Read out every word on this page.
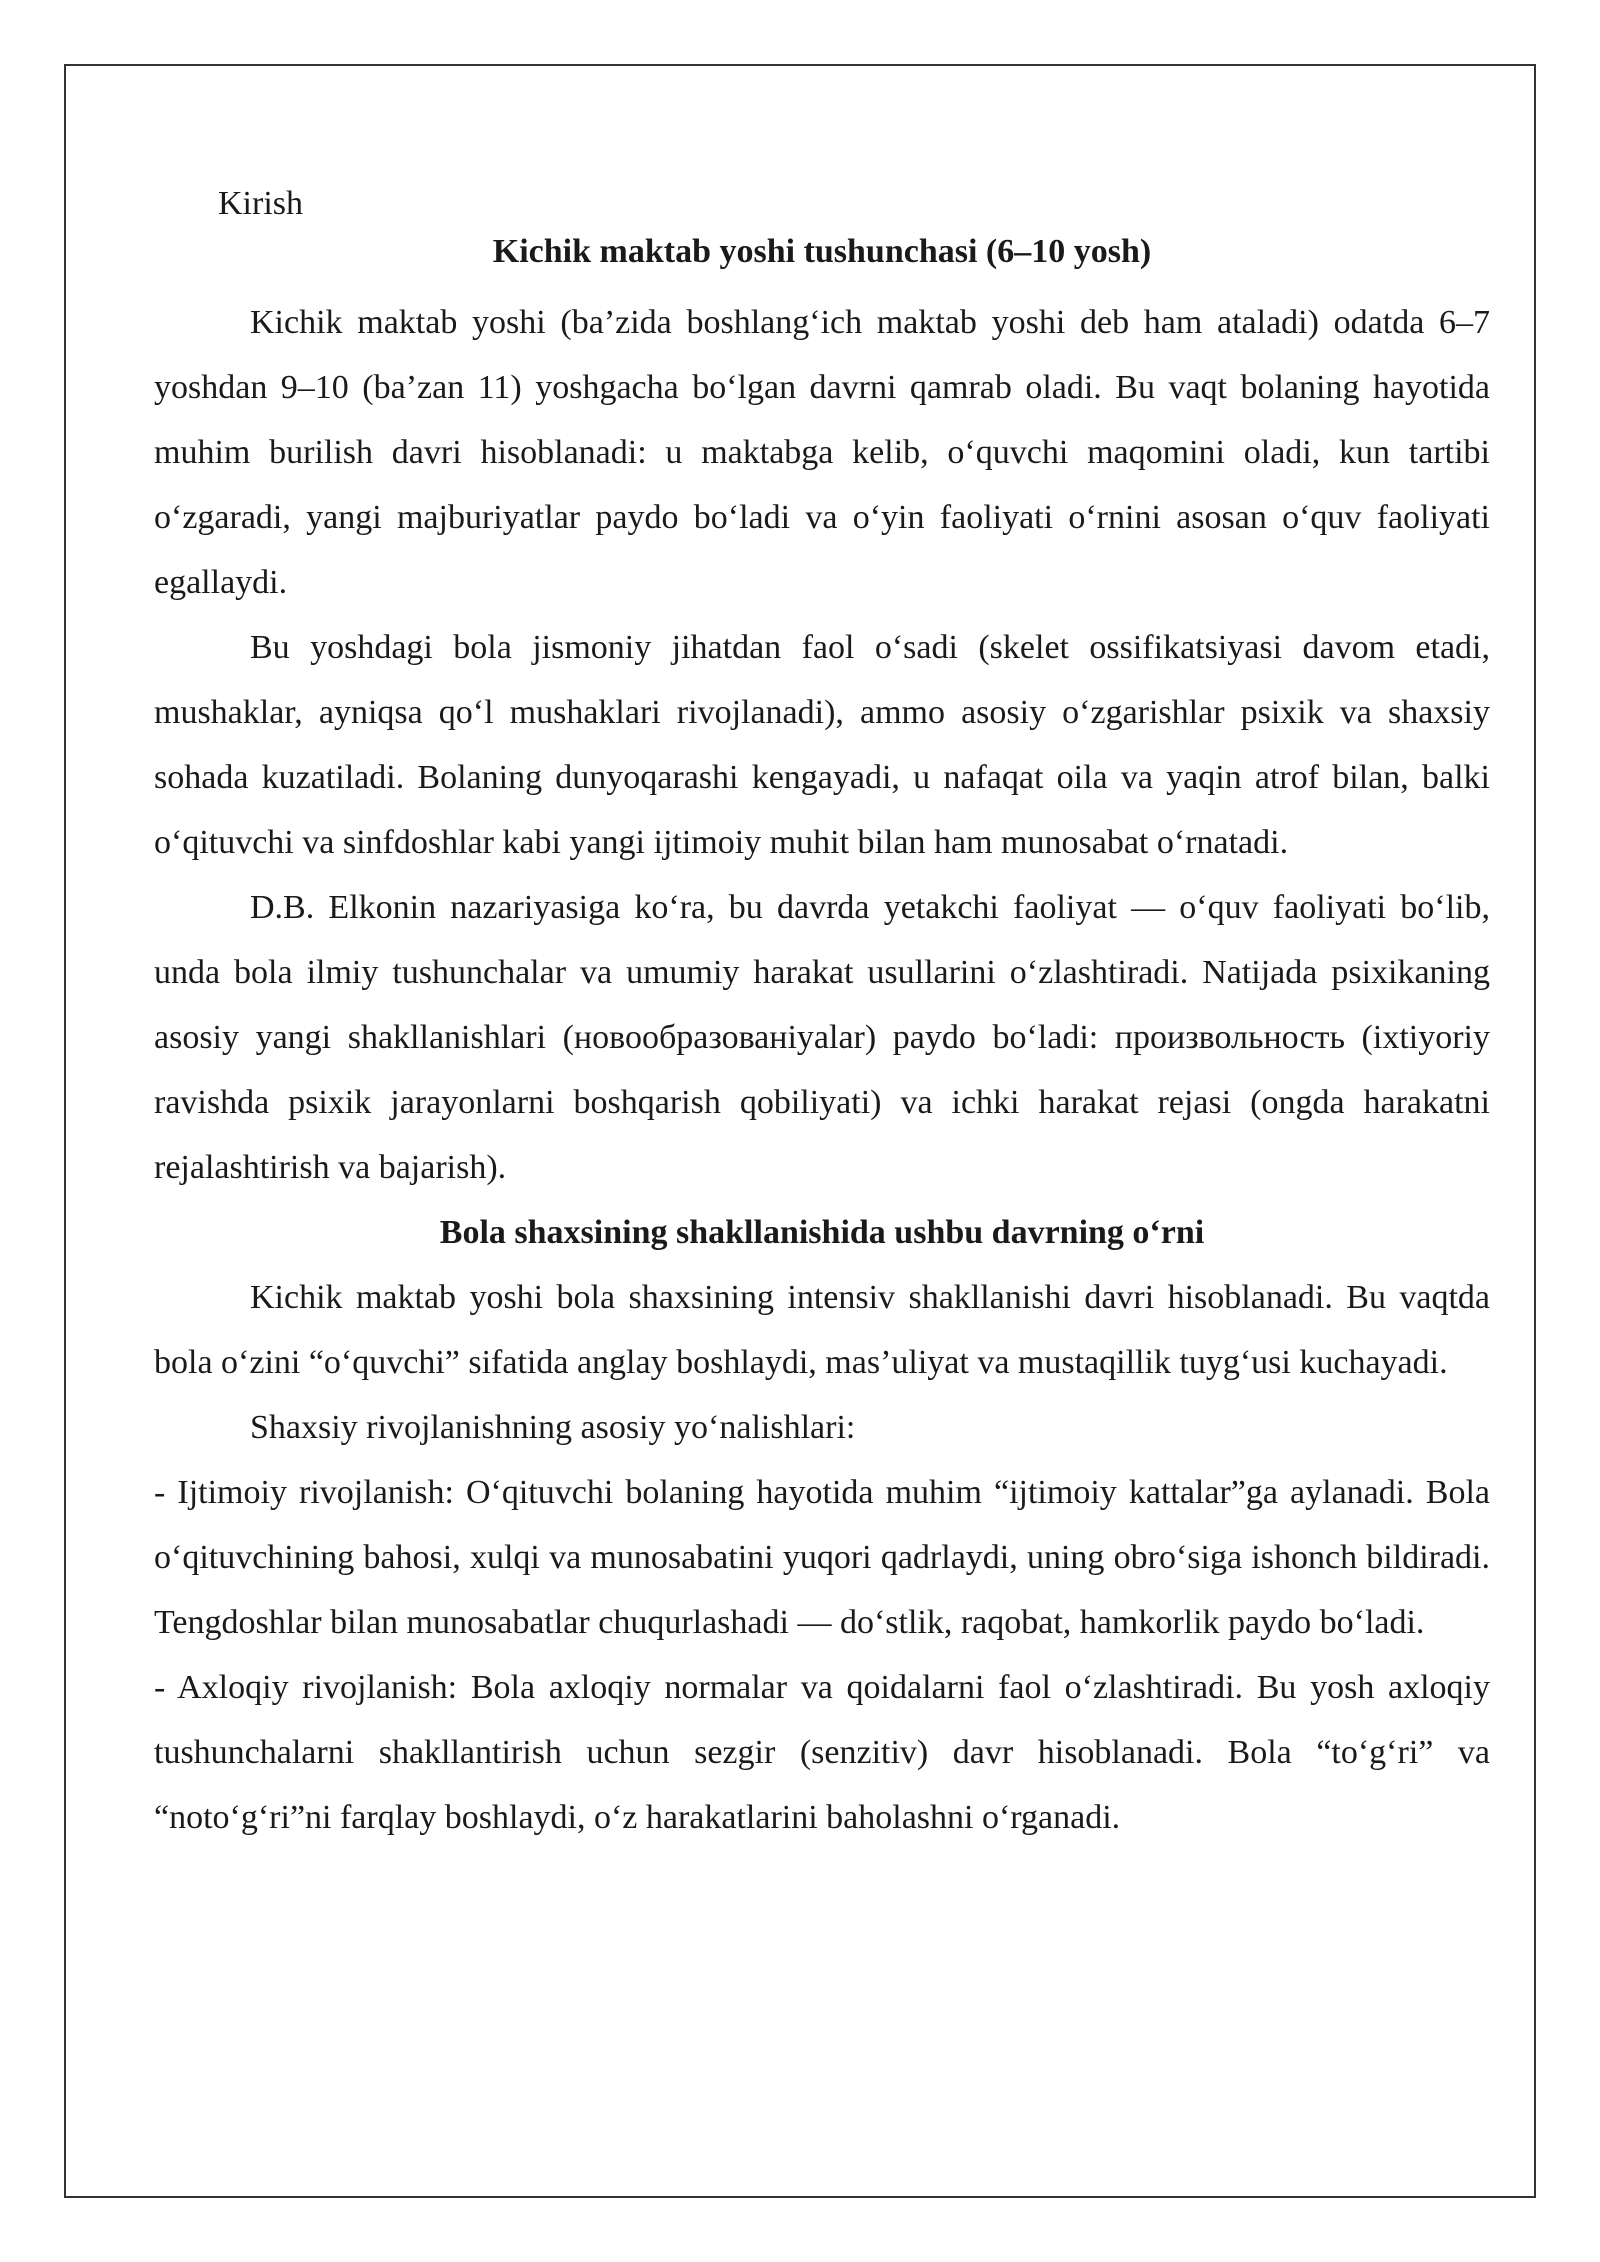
Kirish

Kichik maktab yoshi tushunchasi (6–10 yosh)

Kichik maktab yoshi (ba’zida boshlang‘ich maktab yoshi deb ham ataladi) odatda 6–7 yoshdan 9–10 (ba’zan 11) yoshgacha bo‘lgan davrni qamrab oladi. Bu vaqt bolaning hayotida muhim burilish davri hisoblanadi: u maktabga kelib, o‘quvchi maqomini oladi, kun tartibi o‘zgaradi, yangi majburiyatlar paydo bo‘ladi va o‘yin faoliyati o‘rnini asosan o‘quv faoliyati egallaydi.

Bu yoshdagi bola jismoniy jihatdan faol o‘sadi (skelet ossifikatsiyasi davom etadi, mushaklar, ayniqsa qo‘l mushaklari rivojlanadi), ammo asosiy o‘zgarishlar psixik va shaxsiy sohada kuzatiladi. Bolaning dunyoqarashi kengayadi, u nafaqat oila va yaqin atrof bilan, balki o‘qituvchi va sinfdoshlar kabi yangi ijtimoiy muhit bilan ham munosabat o‘rnatadi.

D.B. Elkonin nazariyasiga ko‘ra, bu davrda yetakchi faoliyat — o‘quv faoliyati bo‘lib, unda bola ilmiy tushunchalar va umumiy harakat usullarini o‘zlashtiradi. Natijada psixikaning asosiy yangi shakllanishlari (новообразованiyalar) paydo bo‘ladi: произвольность (ixtiyoriy ravishda psixik jarayonlarni boshqarish qobiliyati) va ichki harakat rejasi (ongda harakatni rejalashtirish va bajarish).

Bola shaxsining shakllanishida ushbu davrning o‘rni

Kichik maktab yoshi bola shaxsining intensiv shakllanishi davri hisoblanadi. Bu vaqtda bola o‘zini “o‘quvchi” sifatida anglay boshlaydi, mas’uliyat va mustaqillik tuyg‘usi kuchayadi.

Shaxsiy rivojlanishning asosiy yo‘nalishlari:

- Ijtimoiy rivojlanish: O‘qituvchi bolaning hayotida muhim “ijtimoiy kattalar”ga aylanadi. Bola o‘qituvchining bahosi, xulqi va munosabatini yuqori qadrlaydi, uning obro‘siga ishonch bildiradi. Tengdoshlar bilan munosabatlar chuqurlashadi — do‘stlik, raqobat, hamkorlik paydo bo‘ladi.

- Axloqiy rivojlanish: Bola axloqiy normalar va qoidalarni faol o‘zlashtiradi. Bu yosh axloqiy tushunchalarni shakllantirish uchun sezgir (senzitiv) davr hisoblanadi. Bola “to‘g‘ri” va “noto‘g‘ri”ni farqlay boshlaydi, o‘z harakatlarini baholashni o‘rganadi.
